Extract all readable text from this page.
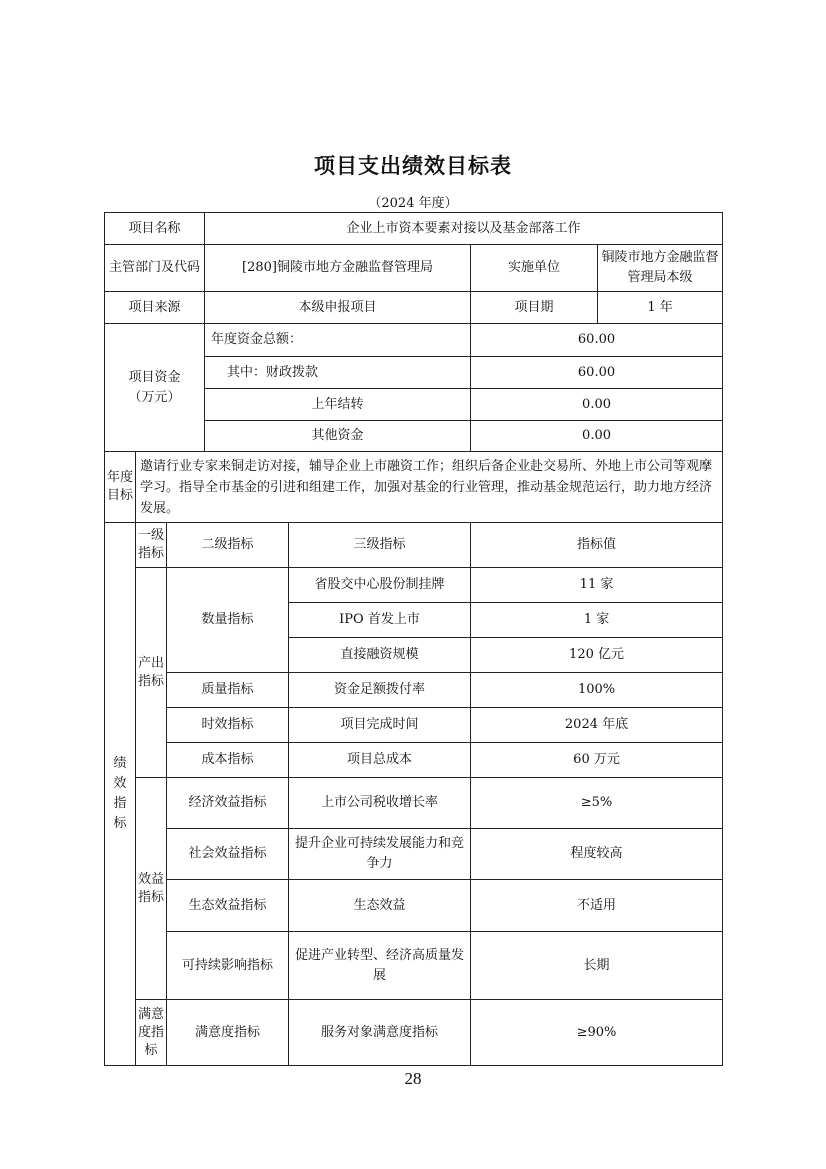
项目支出绩效目标表
（2024 年度）
项目名称			企业上市资本要素对接以及基金部落工作			
主管部门及代码			[280]铜陵市地方金融监督管理局		实施单位	铜陵市地方金融监督管理局本级
项目来源			本级申报项目		项目期	1 年
项目资金（万元）			年度资金总额：		60.00	
			其中：财政拨款		60.00	
			上年结转		0.00	
			其他资金		0.00	
年度目标	邀请行业专家来铜走访对接，辅导企业上市融资工作；组织后备企业赴交易所、外地上市公司等观摩学习。指导全市基金的引进和组建工作，加强对基金的行业管理，推动基金规范运行，助力地方经济发展。					
绩效指标	一级指标	二级指标		三级指标	指标值	
	产出指标	数量指标		省股交中心股份制挂牌	11 家	
				IPO 首发上市	1 家	
				直接融资规模	120 亿元	
		质量指标		资金足额拨付率	100%	
		时效指标		项目完成时间	2024 年底	
		成本指标		项目总成本	60 万元	
	效益指标	经济效益指标		上市公司税收增长率	≥5%	
		社会效益指标		提升企业可持续发展能力和竞争力	程度较高	
		生态效益指标		生态效益	不适用	
		可持续影响指标		促进产业转型、经济高质量发展	长期	
	满意度指标	满意度指标		服务对象满意度指标	≥90%	
28
